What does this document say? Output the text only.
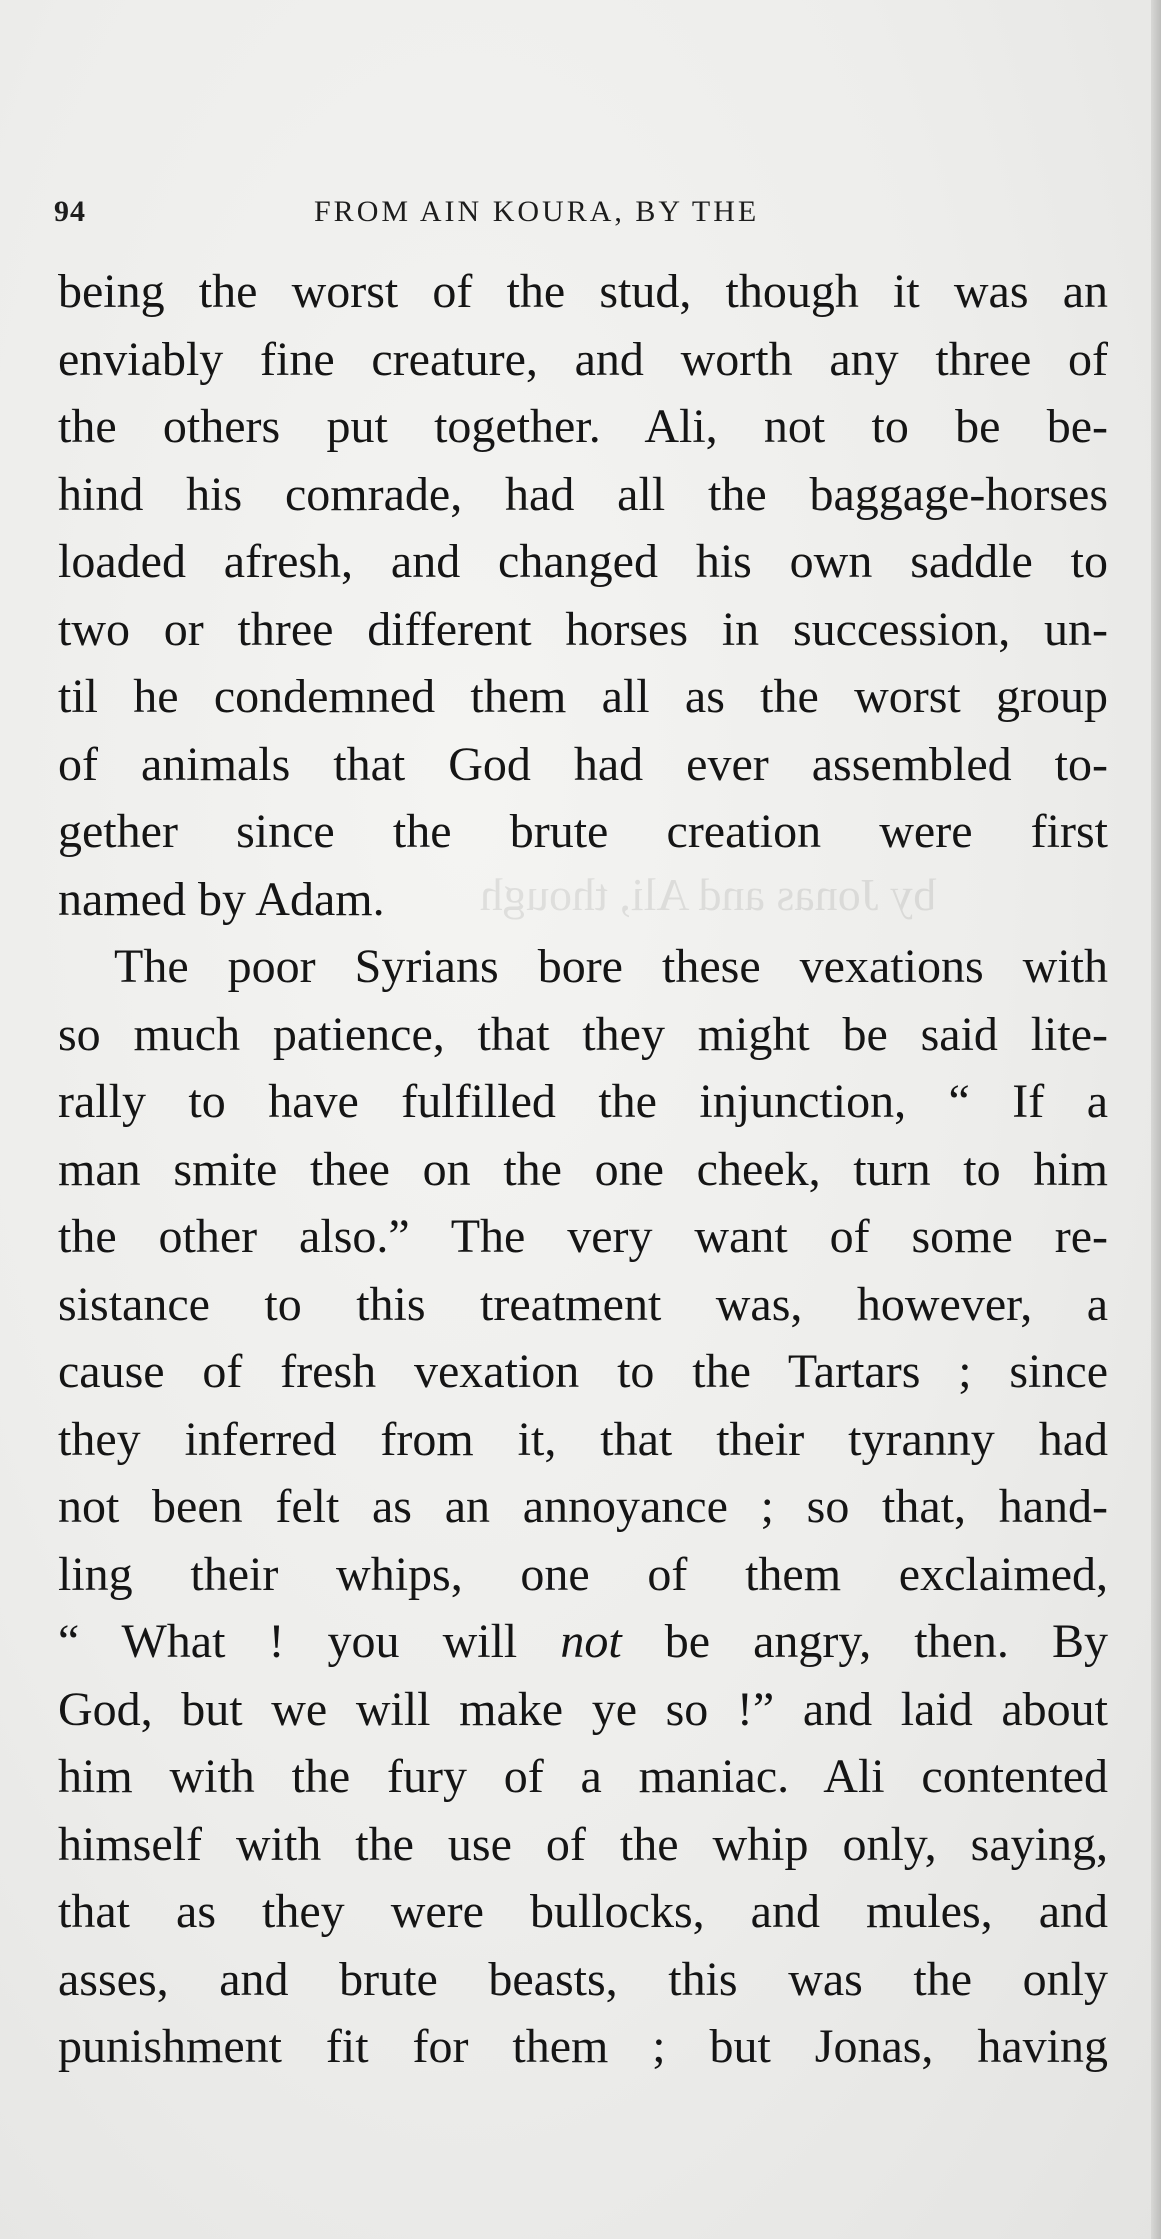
94	FROM AIN KOURA, BY THE
by Jonas and Ali, though
being the worst of the stud, though it was an
enviably fine creature, and worth any three of
the others put together. Ali, not to be be-
hind his comrade, had all the baggage-horses
loaded afresh, and changed his own saddle to
two or three different horses in succession, un-
til he condemned them all as the worst group
of animals that God had ever assembled to-
gether since the brute creation were first
named by Adam.
The poor Syrians bore these vexations with
so much patience, that they might be said lite-
rally to have fulfilled the injunction, “ If a
man smite thee on the one cheek, turn to him
the other also.” The very want of some re-
sistance to this treatment was, however, a
cause of fresh vexation to the Tartars ; since
they inferred from it, that their tyranny had
not been felt as an annoyance ; so that, hand-
ling their whips, one of them exclaimed,
“ What ! you will not be angry, then. By
God, but we will make ye so !” and laid about
him with the fury of a maniac. Ali contented
himself with the use of the whip only, saying,
that as they were bullocks, and mules, and
asses, and brute beasts, this was the only
punishment fit for them ; but Jonas, having
